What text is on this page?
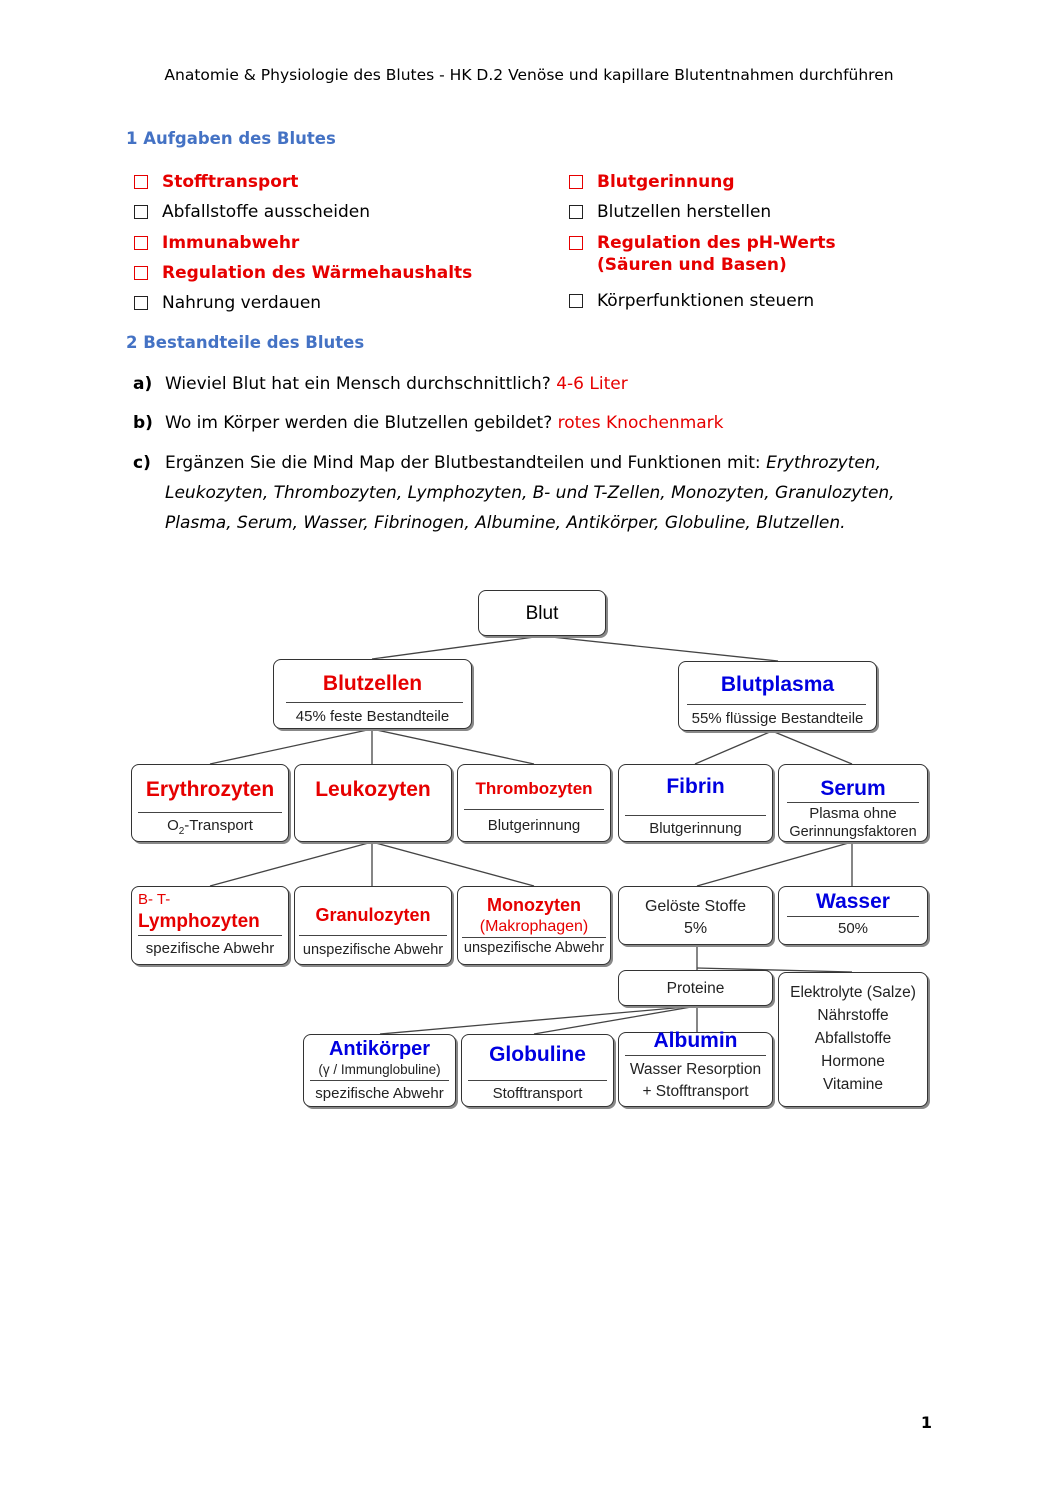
Anatomie & Physiologie des Blutes - HK D.2 Venöse und kapillare Blutentnahmen durchführen
1 Aufgaben des Blutes
Stofftransport
Abfallstoffe ausscheiden
Immunabwehr
Regulation des Wärmehaushalts
Nahrung verdauen
Blutgerinnung
Blutzellen herstellen
Regulation des pH-Werts
(Säuren und Basen)
Körperfunktionen steuern
2 Bestandteile des Blutes
a) Wieviel Blut hat ein Mensch durchschnittlich? 4-6 Liter
b) Wo im Körper werden die Blutzellen gebildet? rotes Knochenmark
c) Ergänzen Sie die Mind Map der Blutbestandteilen und Funktionen mit: Erythrozyten,
Leukozyten, Thrombozyten, Lymphozyten, B- und T-Zellen, Monozyten, Granulozyten,
Plasma, Serum, Wasser, Fibrinogen, Albumine, Antikörper, Globuline, Blutzellen.
Blut
Blutzellen
45% feste Bestandteile
Blutplasma
55% flüssige Bestandteile
Erythrozyten
$O_2$-Transport
Leukozyten	Thrombozyten
Blutgerinnung
Fibrin
Blutgerinnung
Serum
Plasma ohne
Gerinnungsfaktoren
B- T-
Lymphozyten
spezifische Abwehr
Granulozyten
unspezifische Abwehr
Monozyten
(Makrophagen)
unspezifische Abwehr
Gelöste Stoffe
5%
Wasser
50%
Proteine	Elektrolyte (Salze)
Nährstoffe
Abfallstoffe
Hormone
Vitamine
Antikörper
(γ / Immunglobuline)
spezifische Abwehr
Globuline
Stofftransport
Albumin
Wasser Resorption
+ Stofftransport
1
